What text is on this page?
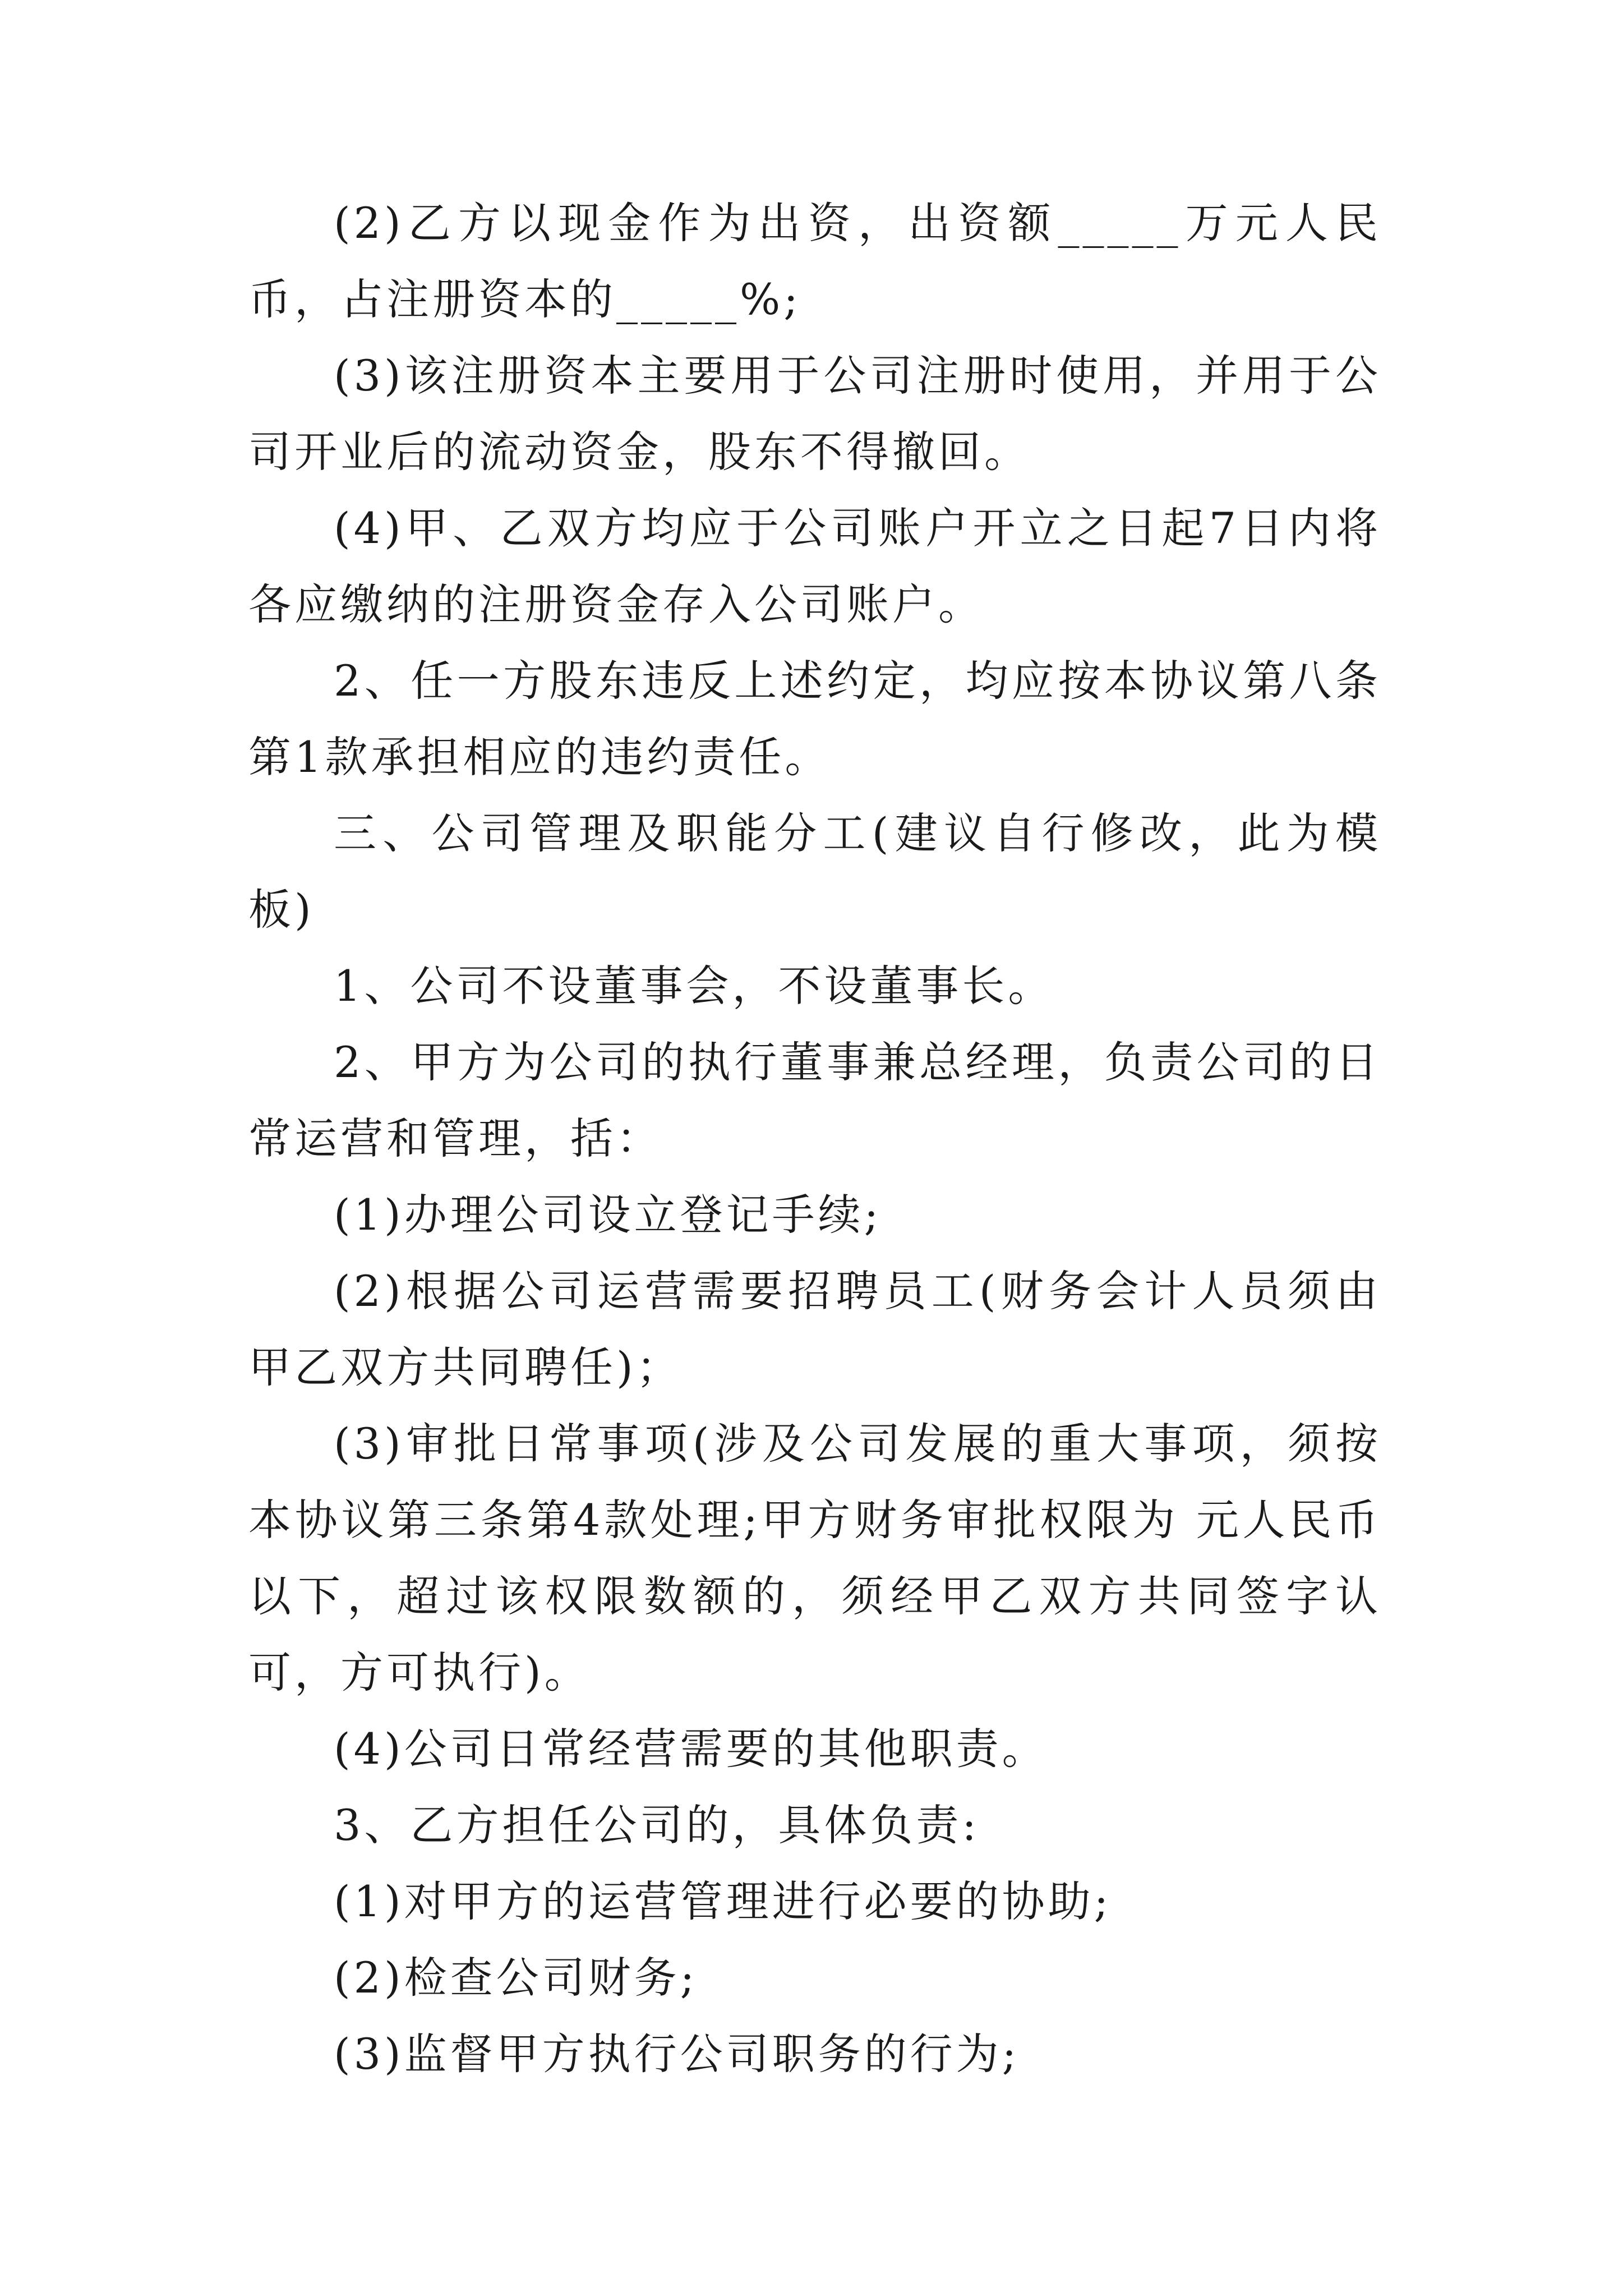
(2)乙方以现金作为出资，出资额_____万元人民币，占注册资本的_____%;

(3)该注册资本主要用于公司注册时使用，并用于公司开业后的流动资金，股东不得撤回。

(4)甲、乙双方均应于公司账户开立之日起7日内将各应缴纳的注册资金存入公司账户。

2、任一方股东违反上述约定，均应按本协议第八条第1款承担相应的违约责任。

三、公司管理及职能分工(建议自行修改，此为模板)

1、公司不设董事会，不设董事长。

2、甲方为公司的执行董事兼总经理，负责公司的日常运营和管理，括：

(1)办理公司设立登记手续;

(2)根据公司运营需要招聘员工(财务会计人员须由甲乙双方共同聘任)；

(3)审批日常事项(涉及公司发展的重大事项，须按本协议第三条第4款处理;甲方财务审批权限为 元人民币以下，超过该权限数额的，须经甲乙双方共同签字认可，方可执行)。

(4)公司日常经营需要的其他职责。

3、乙方担任公司的，具体负责:

(1)对甲方的运营管理进行必要的协助;

(2)检查公司财务;

(3)监督甲方执行公司职务的行为;
